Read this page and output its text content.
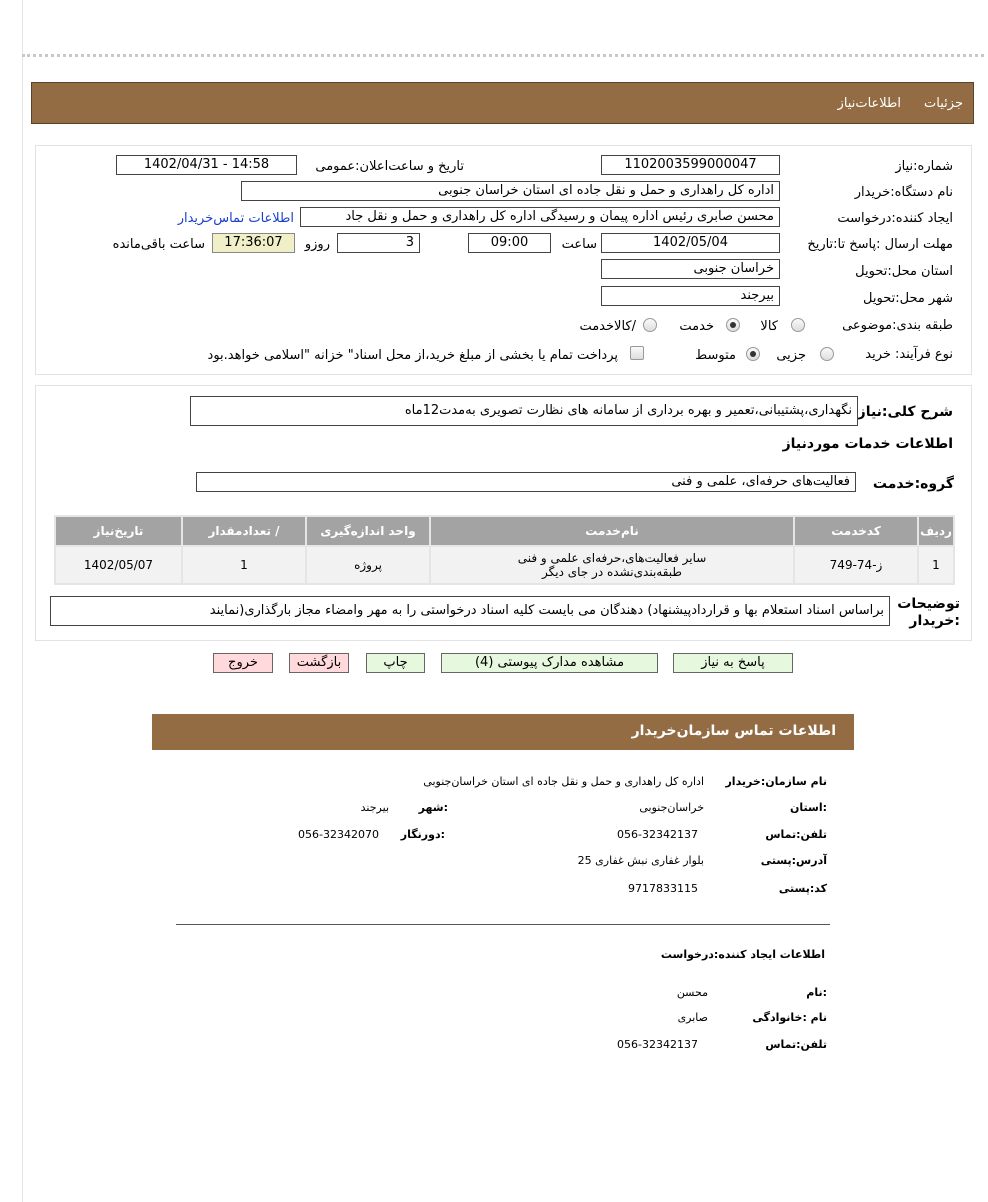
جزئيات
اطلاعات‌نیاز
شماره:نیاز
1102003599000047
تاریخ و ساعت‌اعلان:عمومی
1402/04/31 - 14:58
نام دستگاه:خریدار
اداره کل راهداری و حمل و نقل جاده ای استان خراسان جنوبی
ایجاد کننده:درخواست
محسن صابری رئیس اداره پیمان و رسیدگی اداره کل راهداری و حمل و نقل جاد
اطلاعات تماس‌خریدار
مهلت ارسال :پاسخ تا:تاریخ
1402/05/04
ساعت
09:00
3
روزو
17:36:07
ساعت باقی‌مانده
استان محل:تحویل
خراسان جنوبی
شهر محل:تحویل
بیرجند
طبقه بندی:موضوعی
کالا
خدمت
/کالاخدمت
نوع فرآیند: خرید
جزیی
متوسط
پرداخت تمام یا بخشی از مبلغ خرید،از محل اسناد" خزانه "اسلامی خواهد.بود
شرح کلی:نیاز
نگهداری،پشتیبانی،تعمیر و بهره برداری از سامانه های نظارت تصویری به‌مدت12ماه
اطلاعات خدمات موردنیاز
گروه:خدمت
فعالیت‌های حرفه‌ای، علمی و فنی
ردیف	کدخدمت	نام‌خدمت	واحد اندازه‌گیری	/ تعدادمقدار	تاریخ‌نیاز
1	ز-74-749	سایر فعالیت‌های،حرفه‌ای علمی و فنی
طبقه‌بندی‌نشده در جای دیگر	پروژه	1	1402/05/07
توضیحات :خریدار
براساس اسناد استعلام بها و قراردادپیشنهاد) دهندگان می بایست کلیه اسناد درخواستی را به مهر وامضاء مجاز بارگذاری(نمایند
پاسخ به نیاز
مشاهده مدارک پیوستی (4)
چاپ
بازگشت
خروج
اطلاعات تماس سازمان‌خریدار
نام سازمان:خریدار
اداره کل راهداری و حمل و نقل جاده ای استان خراسان‌جنوبی
:استان
خراسان‌جنوبی
:شهر
بیرجند
تلفن:تماس
056-32342137
:دورنگار
056-32342070
آدرس:پستی
بلوار غفاری نبش غفاری 25
کد:پستی
9717833115
اطلاعات ایجاد کننده:درخواست
:نام
محسن
نام :خانوادگی
صابری
تلفن:تماس
056-32342137
